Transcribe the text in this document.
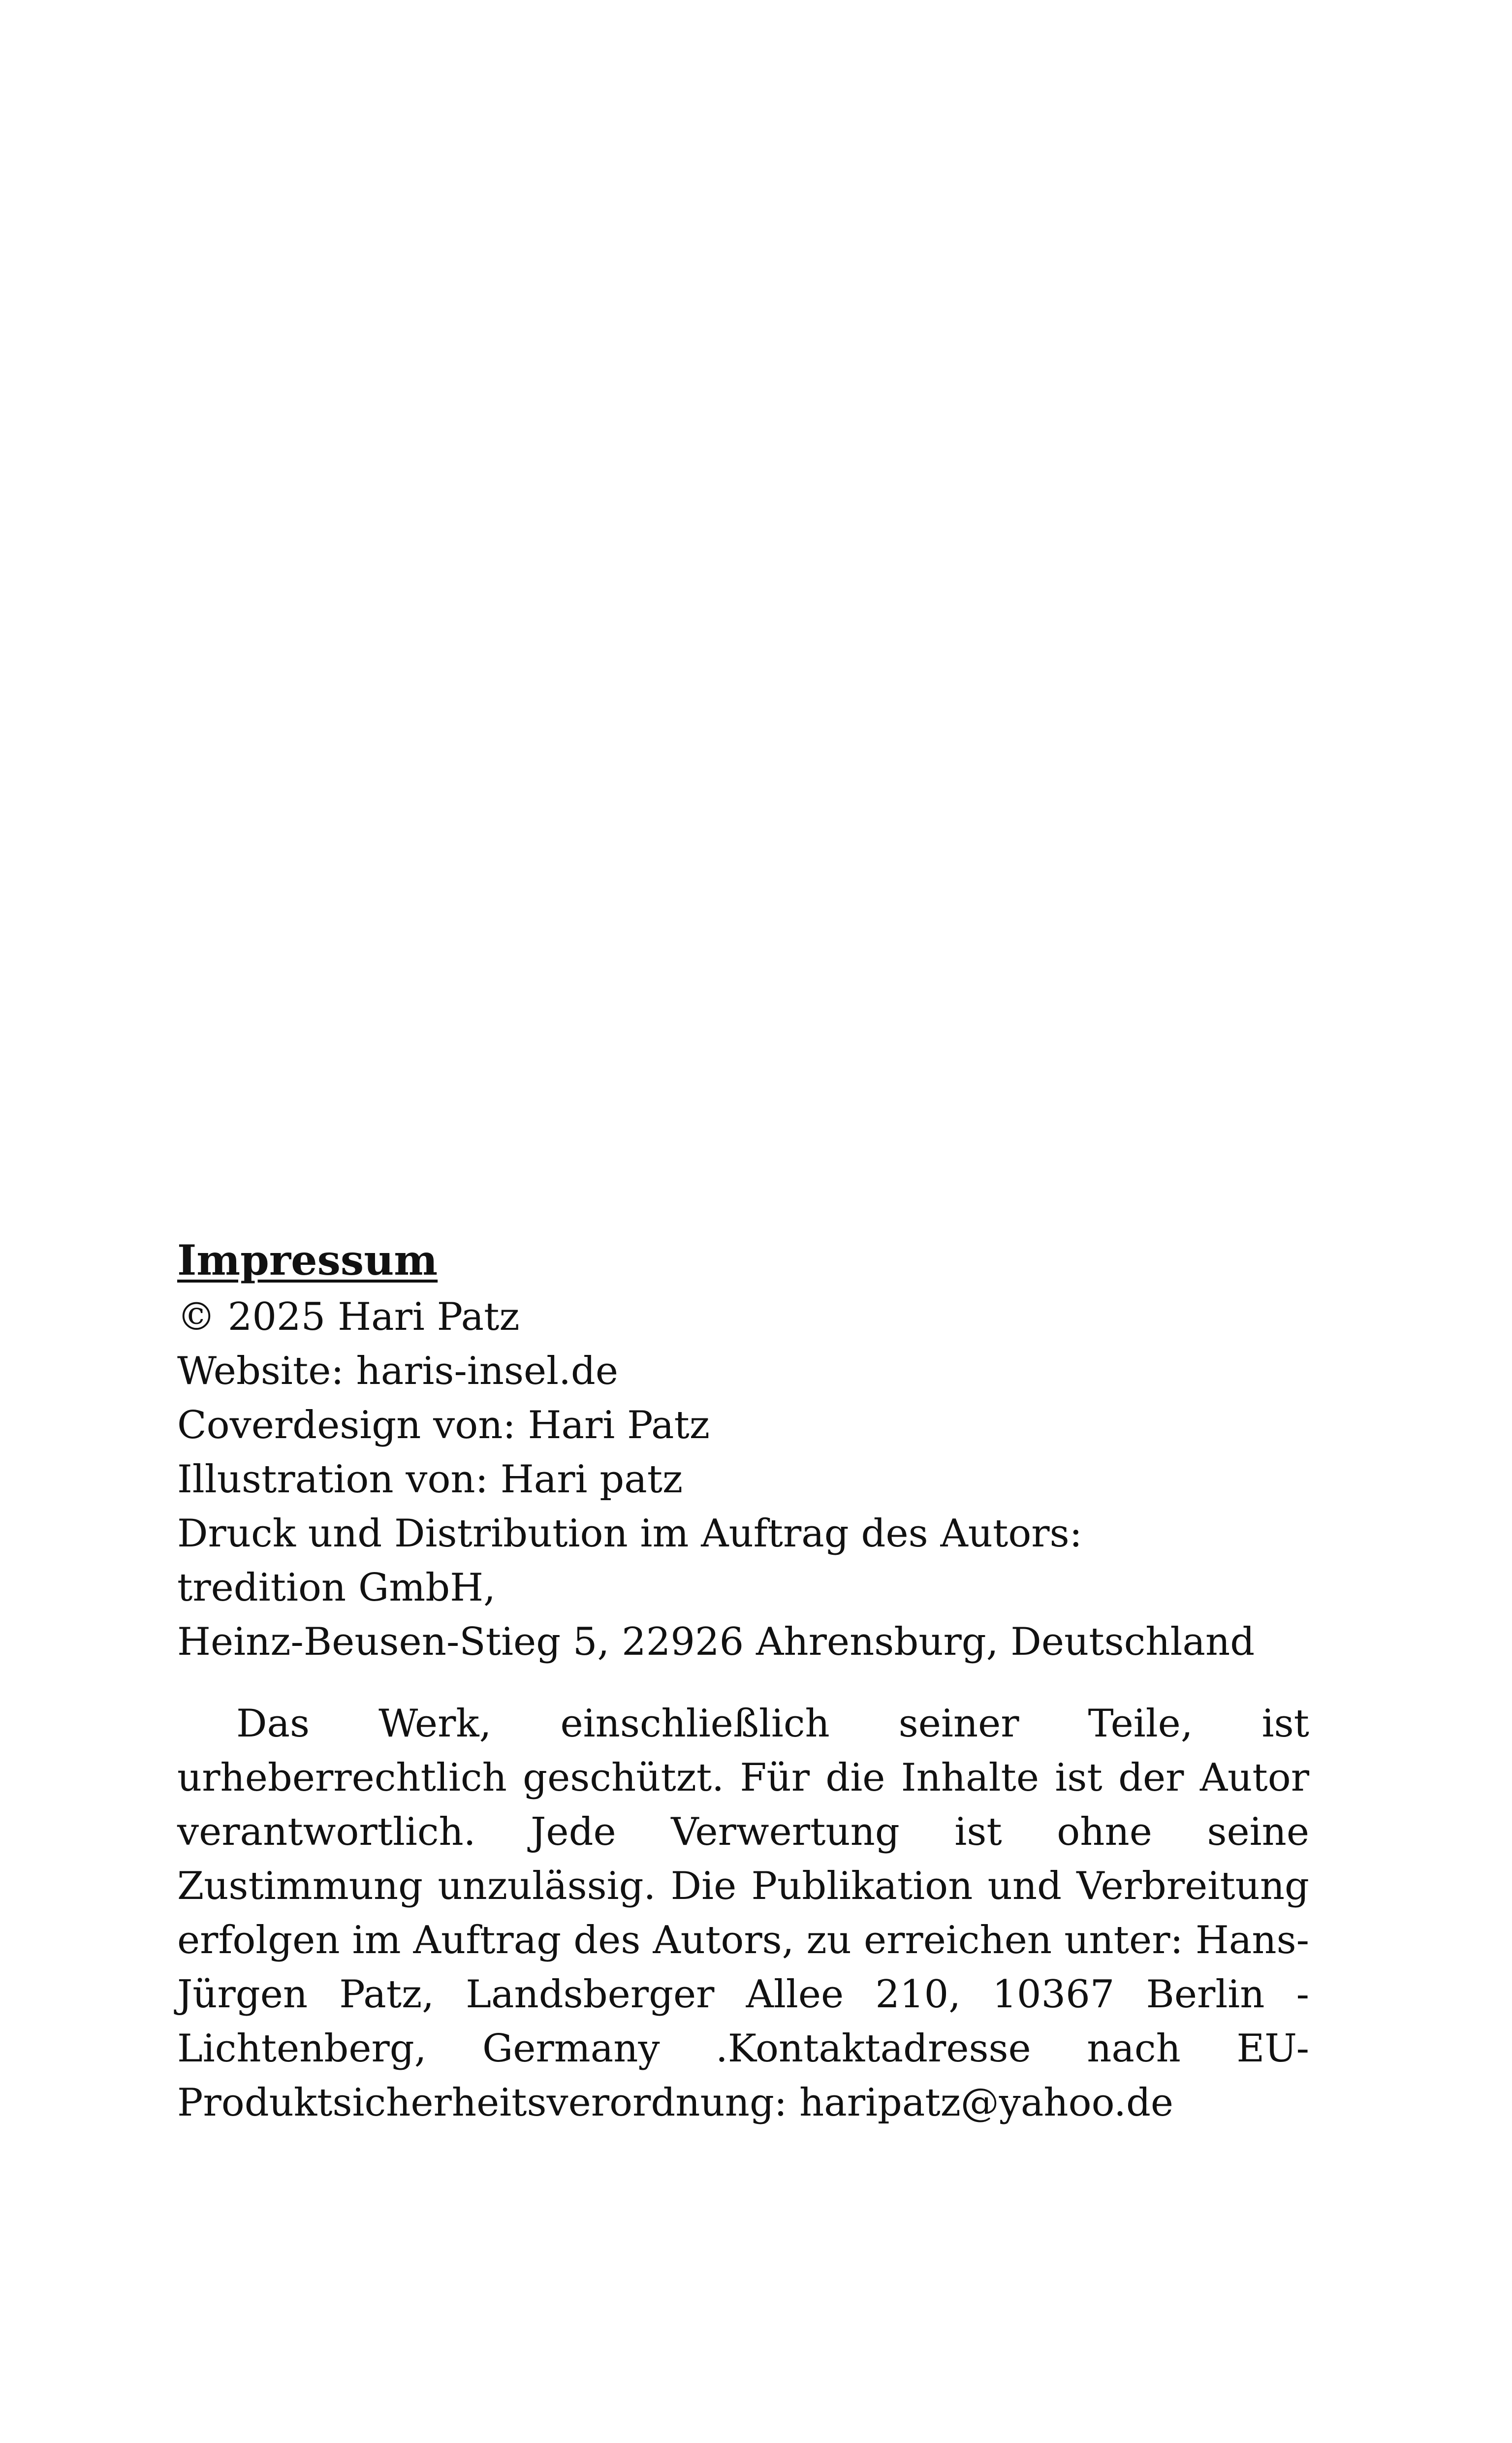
Impressum

© 2025 Hari Patz

Website: haris-insel.de

Coverdesign von: Hari Patz

Illustration von: Hari patz

Druck und Distribution im Auftrag des Autors:

tredition GmbH,

Heinz-Beusen-Stieg 5, 22926 Ahrensburg, Deutschland

Das Werk, einschließlich seiner Teile, ist urheberrechtlich geschützt. Für die Inhalte ist der Autor verantwortlich. Jede Verwertung ist ohne seine Zustimmung unzulässig. Die Publikation und Verbreitung erfolgen im Auftrag des Autors, zu erreichen unter: Hans-Jürgen Patz, Landsberger Allee 210, 10367 Berlin - Lichtenberg, Germany .Kontaktadresse nach EU-Produktsicherheitsverordnung: haripatz@yahoo.de
